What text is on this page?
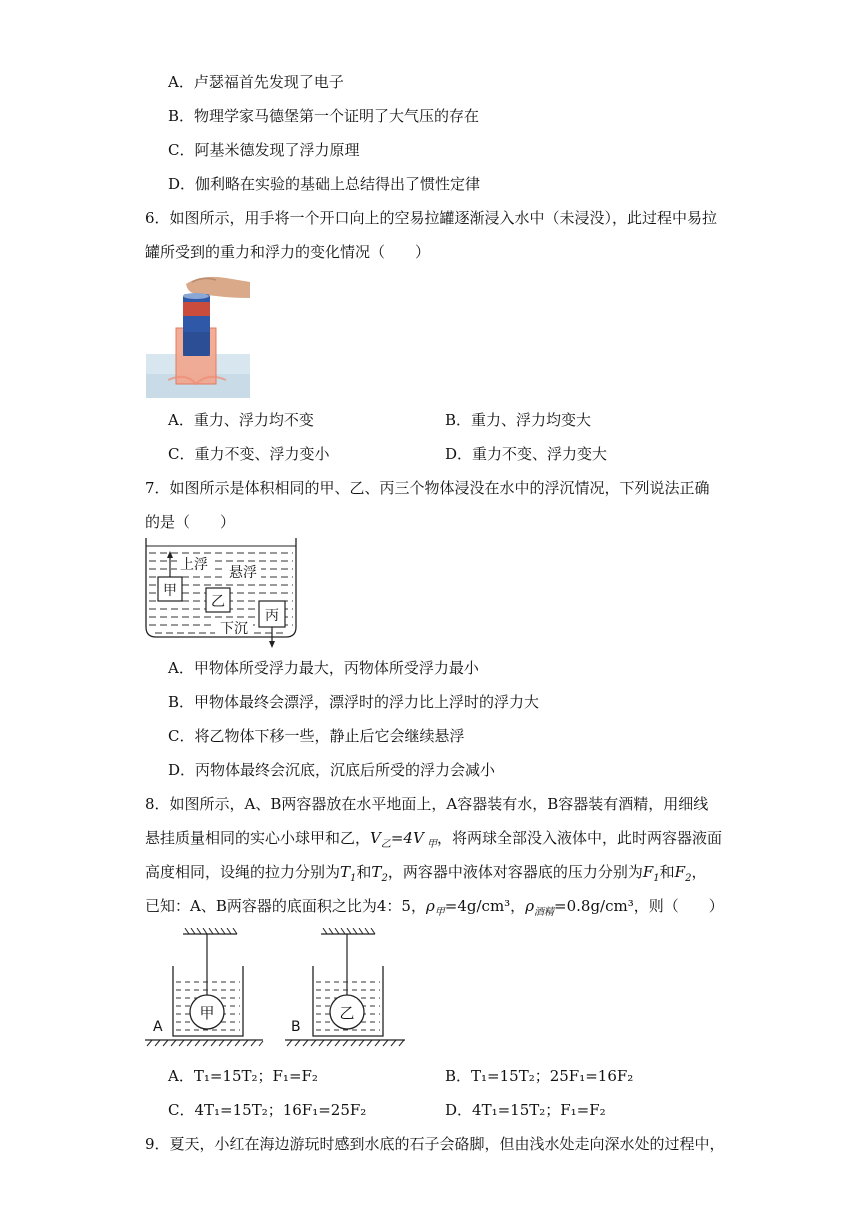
A．卢瑟福首先发现了电子
B．物理学家马德堡第一个证明了大气压的存在
C．阿基米德发现了浮力原理
D．伽利略在实验的基础上总结得出了惯性定律
6．如图所示，用手将一个开口向上的空易拉罐逐渐浸入水中（未浸没），此过程中易拉
罐所受到的重力和浮力的变化情况（　　）
A．重力、浮力均不变	B．重力、浮力均变大
C．重力不变、浮力变小	D．重力不变、浮力变大
7．如图所示是体积相同的甲、乙、丙三个物体浸没在水中的浮沉情况，下列说法正确
的是（　　）
甲
乙
丙
上浮 悬浮
下沉
A．甲物体所受浮力最大，丙物体所受浮力最小
B．甲物体最终会漂浮，漂浮时的浮力比上浮时的浮力大
C．将乙物体下移一些，静止后它会继续悬浮
D．丙物体最终会沉底，沉底后所受的浮力会减小
8．如图所示，A、B两容器放在水平地面上，A容器装有水，B容器装有酒精，用细线
悬挂质量相同的实心小球甲和乙，$V_乙=4V$ $_甲$，将两球全部没入液体中，此时两容器液面
高度相同，设绳的拉力分别为$T_1$和$T_2$，两容器中液体对容器底的压力分别为$F_1$和$F_2$，
已知：A、B两容器的底面积之比为4：5，$\rho_甲=4g$/cm³，$\rho_{酒精}=0.8g$/cm³，则（　　）
甲
A
乙
B
A．T₁=15T₂；F₁=F₂	B．T₁=15T₂；25F₁=16F₂
C．4T₁=15T₂；16F₁=25F₂	D．4T₁=15T₂；F₁=F₂
9．夏天，小红在海边游玩时感到水底的石子会硌脚，但由浅水处走向深水处的过程中，
